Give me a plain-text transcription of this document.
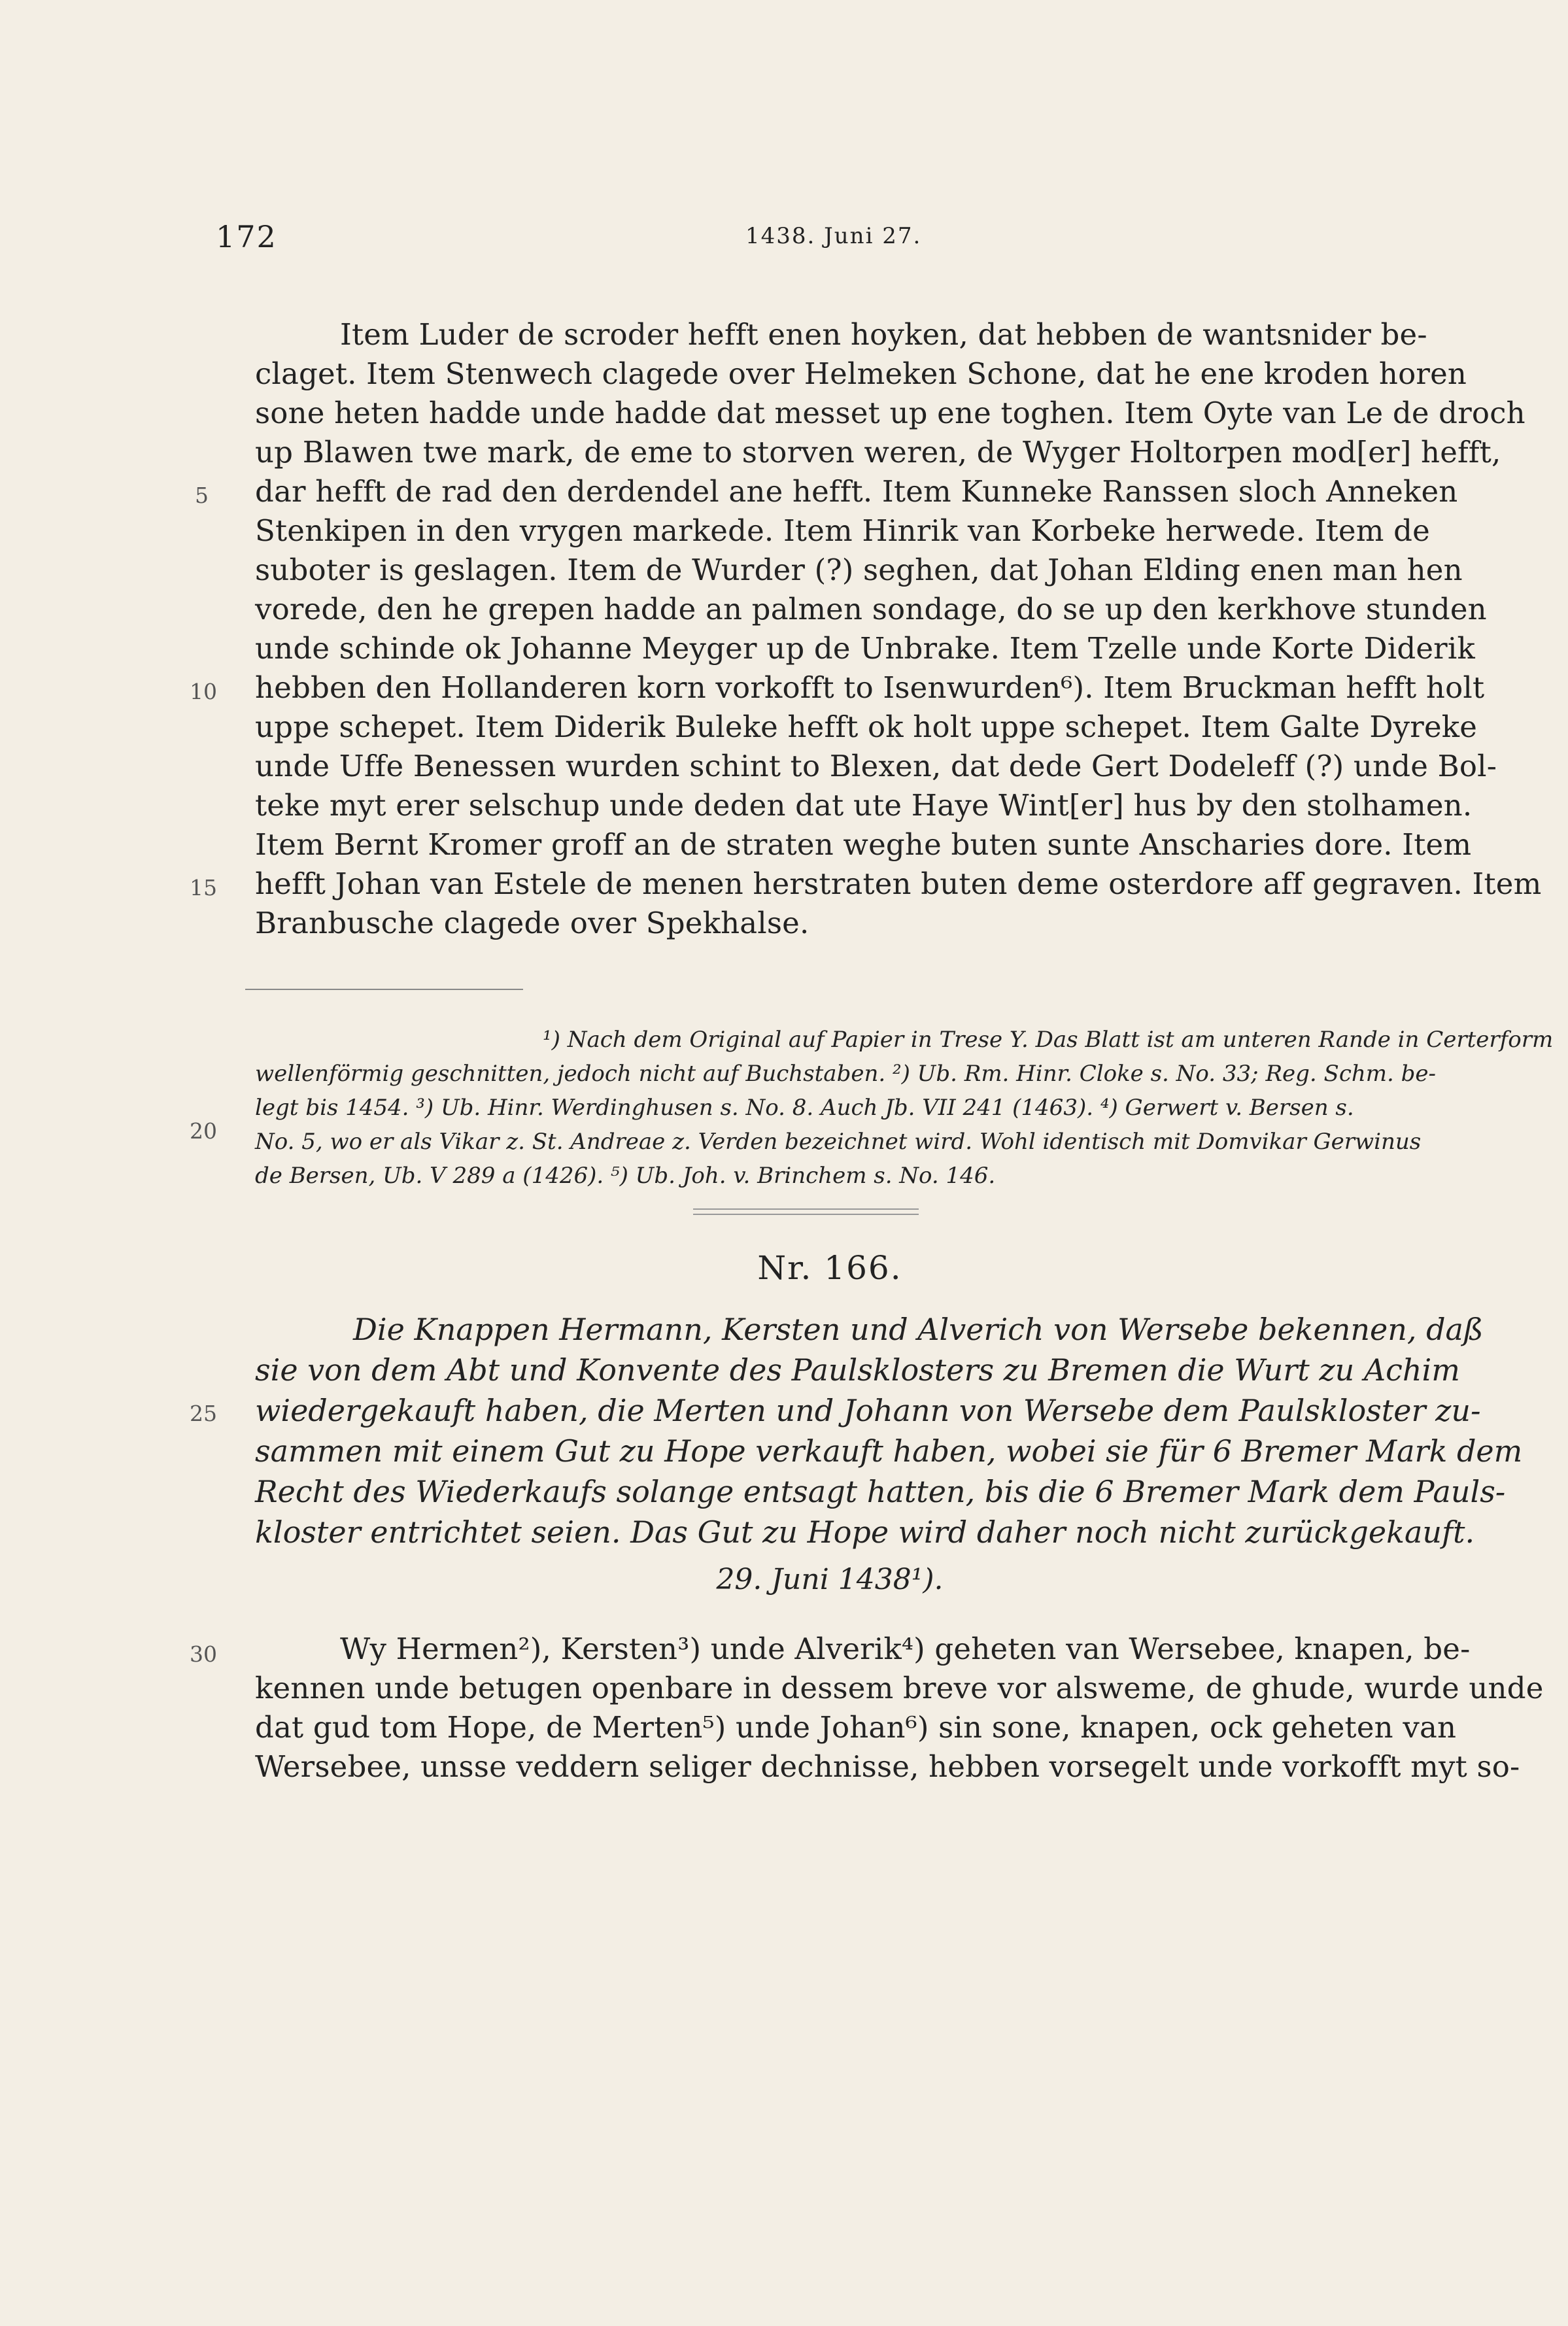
172	1438. Juni 27.
Item Luder de scroder hefft enen hoyken, dat hebben de wantsnider be-
claget. Item Stenwech clagede over Helmeken Schone, dat he ene kroden horen
sone heten hadde unde hadde dat messet up ene toghen. Item Oyte van Le de droch
up Blawen twe mark, de eme to storven weren, de Wyger Holtorpen mod[er] hefft,
dar hefft de rad den derdendel ane hefft. Item Kunneke Ranssen sloch Anneken
Stenkipen in den vrygen markede. Item Hinrik van Korbeke herwede. Item de
suboter is geslagen. Item de Wurder (?) seghen, dat Johan Elding enen man hen
vorede, den he grepen hadde an palmen sondage, do se up den kerkhove stunden
unde schinde ok Johanne Meyger up de Unbrake. Item Tzelle unde Korte Diderik
hebben den Hollanderen korn vorkofft to Isenwurden⁶). Item Bruckman hefft holt
uppe schepet. Item Diderik Buleke hefft ok holt uppe schepet. Item Galte Dyreke
unde Uffe Benessen wurden schint to Blexen, dat dede Gert Dodeleff (?) unde Bol-
teke myt erer selschup unde deden dat ute Haye Wint[er] hus by den stolhamen.
Item Bernt Kromer groff an de straten weghe buten sunte Anscharies dore. Item
hefft Johan van Estele de menen herstraten buten deme osterdore aff gegraven. Item
Branbusche clagede over Spekhalse.
5
10
15
20
25
30
¹) Nach dem Original auf Papier in Trese Y. Das Blatt ist am unteren Rande in Certerform
wellenförmig geschnitten, jedoch nicht auf Buchstaben. ²) Ub. Rm. Hinr. Cloke s. No. 33; Reg. Schm. be-
legt bis 1454. ³) Ub. Hinr. Werdinghusen s. No. 8. Auch Jb. VII 241 (1463). ⁴) Gerwert v. Bersen s.
No. 5, wo er als Vikar z. St. Andreae z. Verden bezeichnet wird. Wohl identisch mit Domvikar Gerwinus
de Bersen, Ub. V 289 a (1426). ⁵) Ub. Joh. v. Brinchem s. No. 146.
Nr. 166.
Die Knappen Hermann, Kersten und Alverich von Wersebe bekennen, daß
sie von dem Abt und Konvente des Paulsklosters zu Bremen die Wurt zu Achim
wiedergekauft haben, die Merten und Johann von Wersebe dem Paulskloster zu-
sammen mit einem Gut zu Hope verkauft haben, wobei sie für 6 Bremer Mark dem
Recht des Wiederkaufs solange entsagt hatten, bis die 6 Bremer Mark dem Pauls-
kloster entrichtet seien. Das Gut zu Hope wird daher noch nicht zurückgekauft.
29. Juni 1438¹).
Wy Hermen²), Kersten³) unde Alverik⁴) geheten van Wersebee, knapen, be-
kennen unde betugen openbare in dessem breve vor alsweme, de ghude, wurde unde
dat gud tom Hope, de Merten⁵) unde Johan⁶) sin sone, knapen, ock geheten van
Wersebee, unsse veddern seliger dechnisse, hebben vorsegelt unde vorkofft myt so-
